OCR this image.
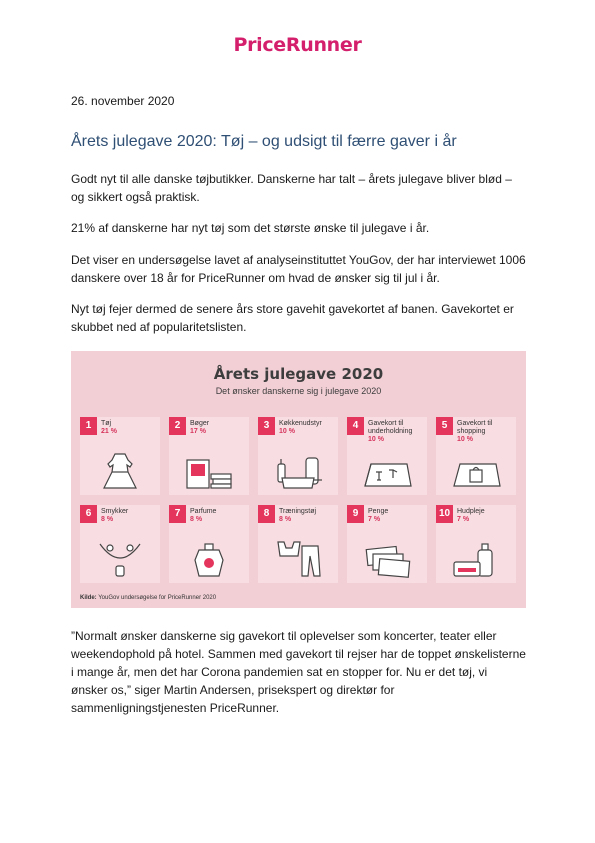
PriceRunner
26. november 2020
Årets julegave 2020: Tøj – og udsigt til færre gaver i år
Godt nyt til alle danske tøjbutikker. Danskerne har talt – årets julegave bliver blød – og sikkert også praktisk.
21% af danskerne har nyt tøj som det største ønske til julegave i år.
Det viser en undersøgelse lavet af analyseinstituttet YouGov, der har interviewet 1006 danskere over 18 år for PriceRunner om hvad de ønsker sig til jul i år.
Nyt tøj fejer dermed de senere års store gavehit gavekortet af banen. Gavekortet er skubbet ned af popularitetslisten.
Årets julegave 2020
Det ønsker danskerne sig i julegave 2020
1	Tøj
21 %
2	Bøger
17 %
3	Køkkenudstyr
10 %
4	Gavekort til underholdning
10 %
5	Gavekort til shopping
10 %
6	Smykker
8 %
7	Parfume
8 %
8	Træningstøj
8 %
9	Penge
7 %
10 Hudpleje
7 %
Kilde: YouGov undersøgelse for PriceRunner 2020
”Normalt ønsker danskerne sig gavekort til oplevelser som koncerter, teater eller weekendophold på hotel. Sammen med gavekort til rejser har de toppet ønskelisterne i mange år, men det har Corona pandemien sat en stopper for. Nu er det tøj, vi ønsker os,” siger Martin Andersen, prisekspert og direktør for sammenligningstjenesten PriceRunner.
